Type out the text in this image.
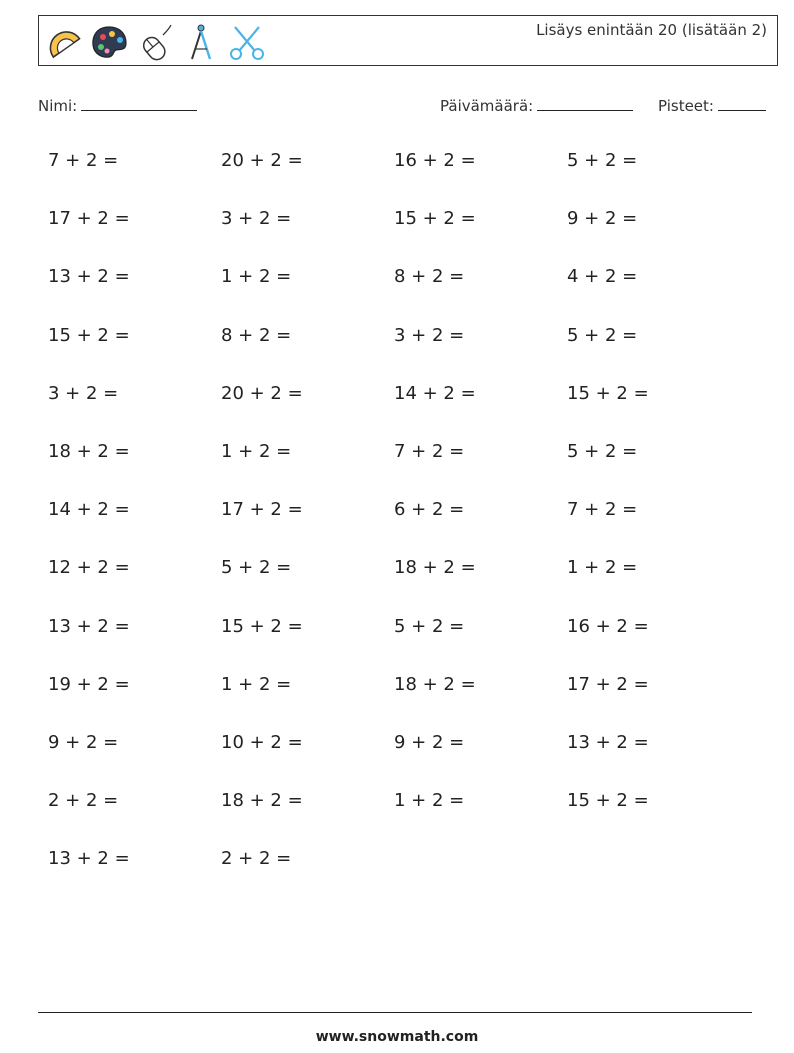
Lisäys enintään 20 (lisätään 2)
Nimi:	Päivämäärä:	Pisteet:
7 + 2 =	20 + 2 =	16 + 2 =	5 + 2 =
17 + 2 =	3 + 2 =	15 + 2 =	9 + 2 =
13 + 2 =	1 + 2 =	8 + 2 =	4 + 2 =
15 + 2 =	8 + 2 =	3 + 2 =	5 + 2 =
3 + 2 =	20 + 2 =	14 + 2 =	15 + 2 =
18 + 2 =	1 + 2 =	7 + 2 =	5 + 2 =
14 + 2 =	17 + 2 =	6 + 2 =	7 + 2 =
12 + 2 =	5 + 2 =	18 + 2 =	1 + 2 =
13 + 2 =	15 + 2 =	5 + 2 =	16 + 2 =
19 + 2 =	1 + 2 =	18 + 2 =	17 + 2 =
9 + 2 =	10 + 2 =	9 + 2 =	13 + 2 =
2 + 2 =	18 + 2 =	1 + 2 =	15 + 2 =
13 + 2 =	2 + 2 =
www.snowmath.com
